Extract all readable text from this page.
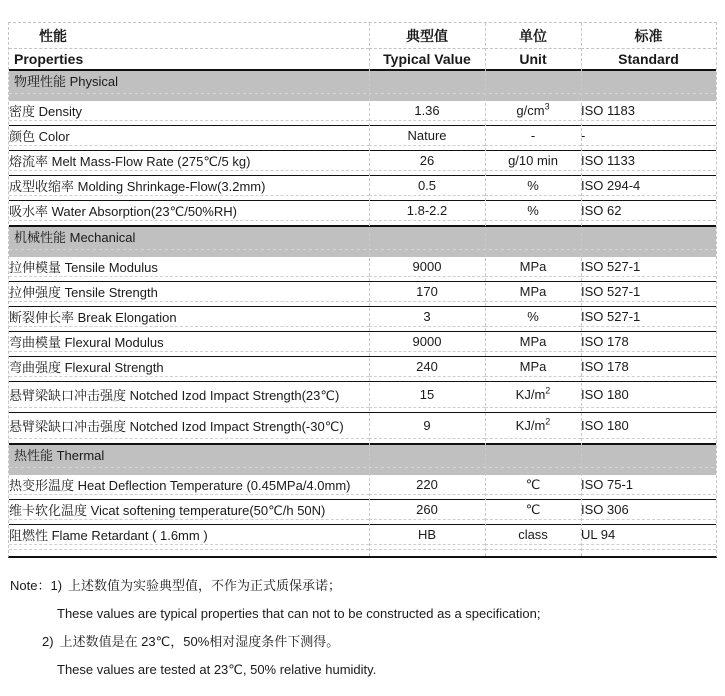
性能	典型值	单位	标准
Properties	Typical Value	Unit	Standard
物理性能 Physical			
密度 Density	1.36	$g/cm^3$	ISO 1183

颜色 Color	Nature	-	-

熔流率 Melt Mass-Flow Rate (275℃/5 kg)	26	g/10 min	ISO 1133

成型收缩率 Molding Shrinkage-Flow(3.2mm)	0.5	%	ISO 294-4

吸水率 Water Absorption(23℃/50%RH)	1.8-2.2	%	ISO 62

机械性能 Mechanical			
拉伸模量 Tensile Modulus	9000	MPa	ISO 527-1

拉伸强度 Tensile Strength	170	MPa	ISO 527-1

断裂伸长率 Break Elongation	3	%	ISO 527-1

弯曲模量 Flexural Modulus	9000	MPa	ISO 178

弯曲强度 Flexural Strength	240	MPa	ISO 178

悬臂梁缺口冲击强度 Notched Izod Impact Strength(23℃)	15	$KJ/m^2$	ISO 180

悬臂梁缺口冲击强度 Notched Izod Impact Strength(-30℃)	9	$KJ/m^2$	ISO 180

热性能 Thermal			
热变形温度 Heat Deflection Temperature (0.45MPa/4.0mm)	220	℃	ISO 75-1

维卡软化温度 Vicat softening temperature(50℃/h 50N)	260	℃	ISO 306

阻燃性 Flame Retardant ( 1.6mm )	HB	class	UL 94

Note：1) 上述数值为实验典型值，不作为正式质保承诺；
These values are typical properties that can not to be constructed as a specification;
2) 上述数值是在 23℃，50%相对湿度条件下测得。
These values are tested at 23℃, 50% relative humidity.
